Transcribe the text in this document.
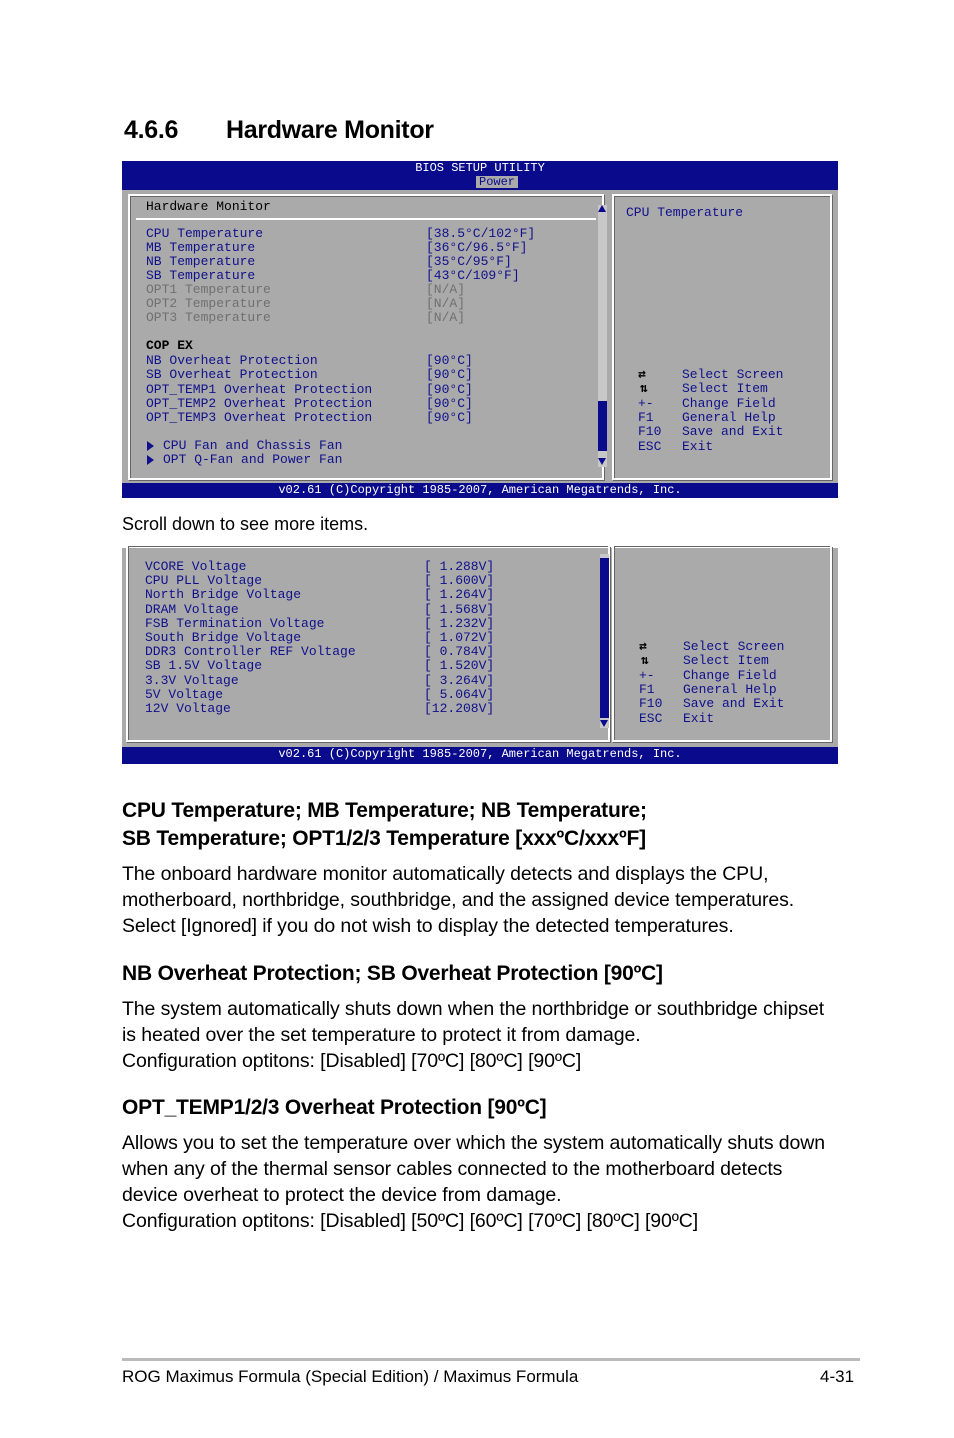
4.6.6 Hardware Monitor
BIOS SETUP UTILITY
Power
Hardware Monitor
CPU Temperature	[38.5°C/102°F]
MB Temperature	[36°C/96.5°F]
NB Temperature	[35°C/95°F]
SB Temperature	[43°C/109°F]
OPT1 Temperature	[N/A]
OPT2 Temperature	[N/A]
OPT3 Temperature	[N/A]
COP EX
NB Overheat Protection	[90°C]
SB Overheat Protection	[90°C]
OPT_TEMP1 Overheat Protection	[90°C]
OPT_TEMP2 Overheat Protection	[90°C]
OPT_TEMP3 Overheat Protection	[90°C]
CPU Fan and Chassis Fan
OPT Q-Fan and Power Fan
CPU Temperature
⇄	Select Screen
⇅	Select Item
+- Change Field
F1 General Help
F10 Save and Exit
ESC Exit
v02.61 (C)Copyright 1985-2007, American Megatrends, Inc.
Scroll down to see more items.
VCORE Voltage	[ 1.288V]
CPU PLL Voltage	[ 1.600V]
North Bridge Voltage	[ 1.264V]
DRAM Voltage	[ 1.568V]
FSB Termination Voltage	[ 1.232V]
South Bridge Voltage	[ 1.072V]
DDR3 Controller REF Voltage	[ 0.784V]
SB 1.5V Voltage	[ 1.520V]
3.3V Voltage	[ 3.264V]
5V Voltage	[ 5.064V]
12V Voltage	[12.208V]
⇄	Select Screen
⇅	Select Item
+- Change Field
F1 General Help
F10 Save and Exit
ESC Exit
v02.61 (C)Copyright 1985-2007, American Megatrends, Inc.
CPU Temperature; MB Temperature; NB Temperature;
SB Temperature; OPT1/2/3 Temperature [xxxºC/xxxºF]

The onboard hardware monitor automatically detects and displays the CPU,
motherboard, northbridge, southbridge, and the assigned device temperatures.
Select [Ignored] if you do not wish to display the detected temperatures.

NB Overheat Protection; SB Overheat Protection [90ºC]

The system automatically shuts down when the northbridge or southbridge chipset
is heated over the set temperature to protect it from damage.
Configuration optitons: [Disabled] [70ºC] [80ºC] [90ºC]

OPT_TEMP1/2/3 Overheat Protection [90ºC]

Allows you to set the temperature over which the system automatically shuts down
when any of the thermal sensor cables connected to the motherboard detects
device overheat to protect the device from damage.
Configuration optitons: [Disabled] [50ºC] [60ºC] [70ºC] [80ºC] [90ºC]

ROG Maximus Formula (Special Edition) / Maximus Formula	4-31
